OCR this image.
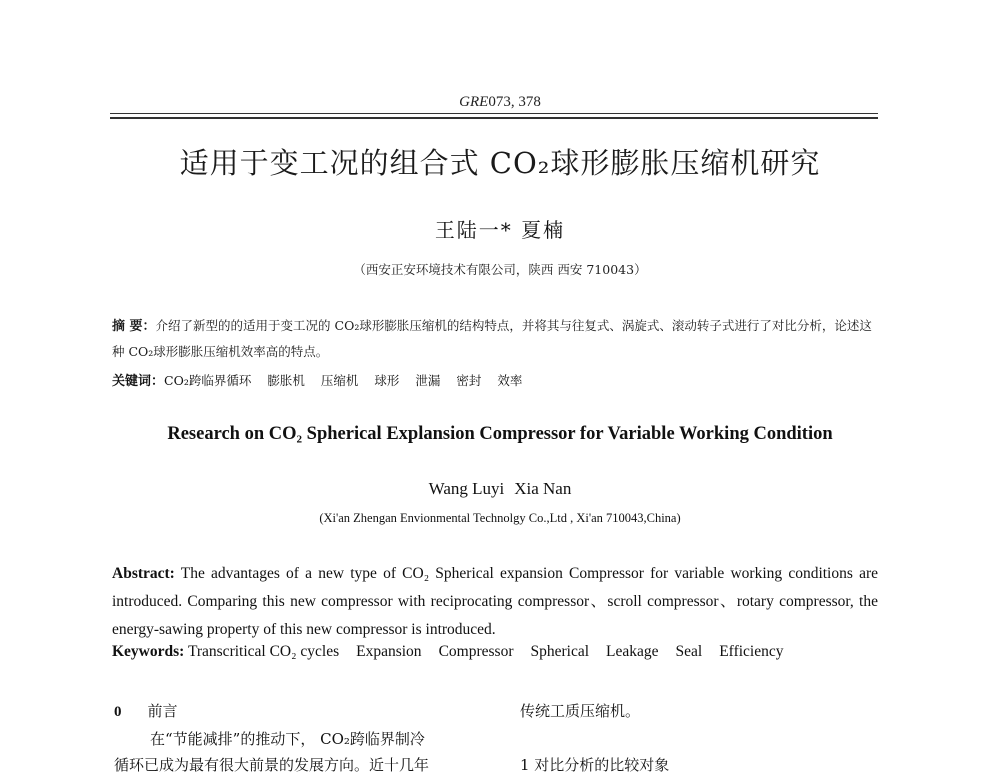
GRE073, 378
适用于变工况的组合式 CO₂球形膨胀压缩机研究
王陆一* 夏楠
（西安正安环境技术有限公司，陕西 西安 710043）
摘 要：介绍了新型的的适用于变工况的 CO₂球形膨胀压缩机的结构特点，并将其与往复式、涡旋式、滚动转子式进行了对比分析，论述这种 CO₂球形膨胀压缩机效率高的特点。
关键词：CO₂跨临界循环 膨胀机 压缩机 球形 泄漏 密封 效率
Research on CO₂ Spherical Explansion Compressor for Variable Working Condition
Wang Luyi Xia Nan
(Xi'an Zhengan Envionmental Technolgy Co.,Ltd , Xi'an 710043,China)
Abstract: The advantages of a new type of CO₂ Spherical expansion Compressor for variable working conditions are introduced. Comparing this new compressor with reciprocating compressor、scroll compressor、rotary compressor, the energy-sawing property of this new compressor is introduced.
Keywords: Transcritical CO₂ cycles Expansion Compressor Spherical Leakage Seal Efficiency
0 前言
在“节能减排”的推动下， CO₂跨临界制冷
循环已成为最有很大前景的发展方向。近十几年
传统工质压缩机。
1 对比分析的比较对象
